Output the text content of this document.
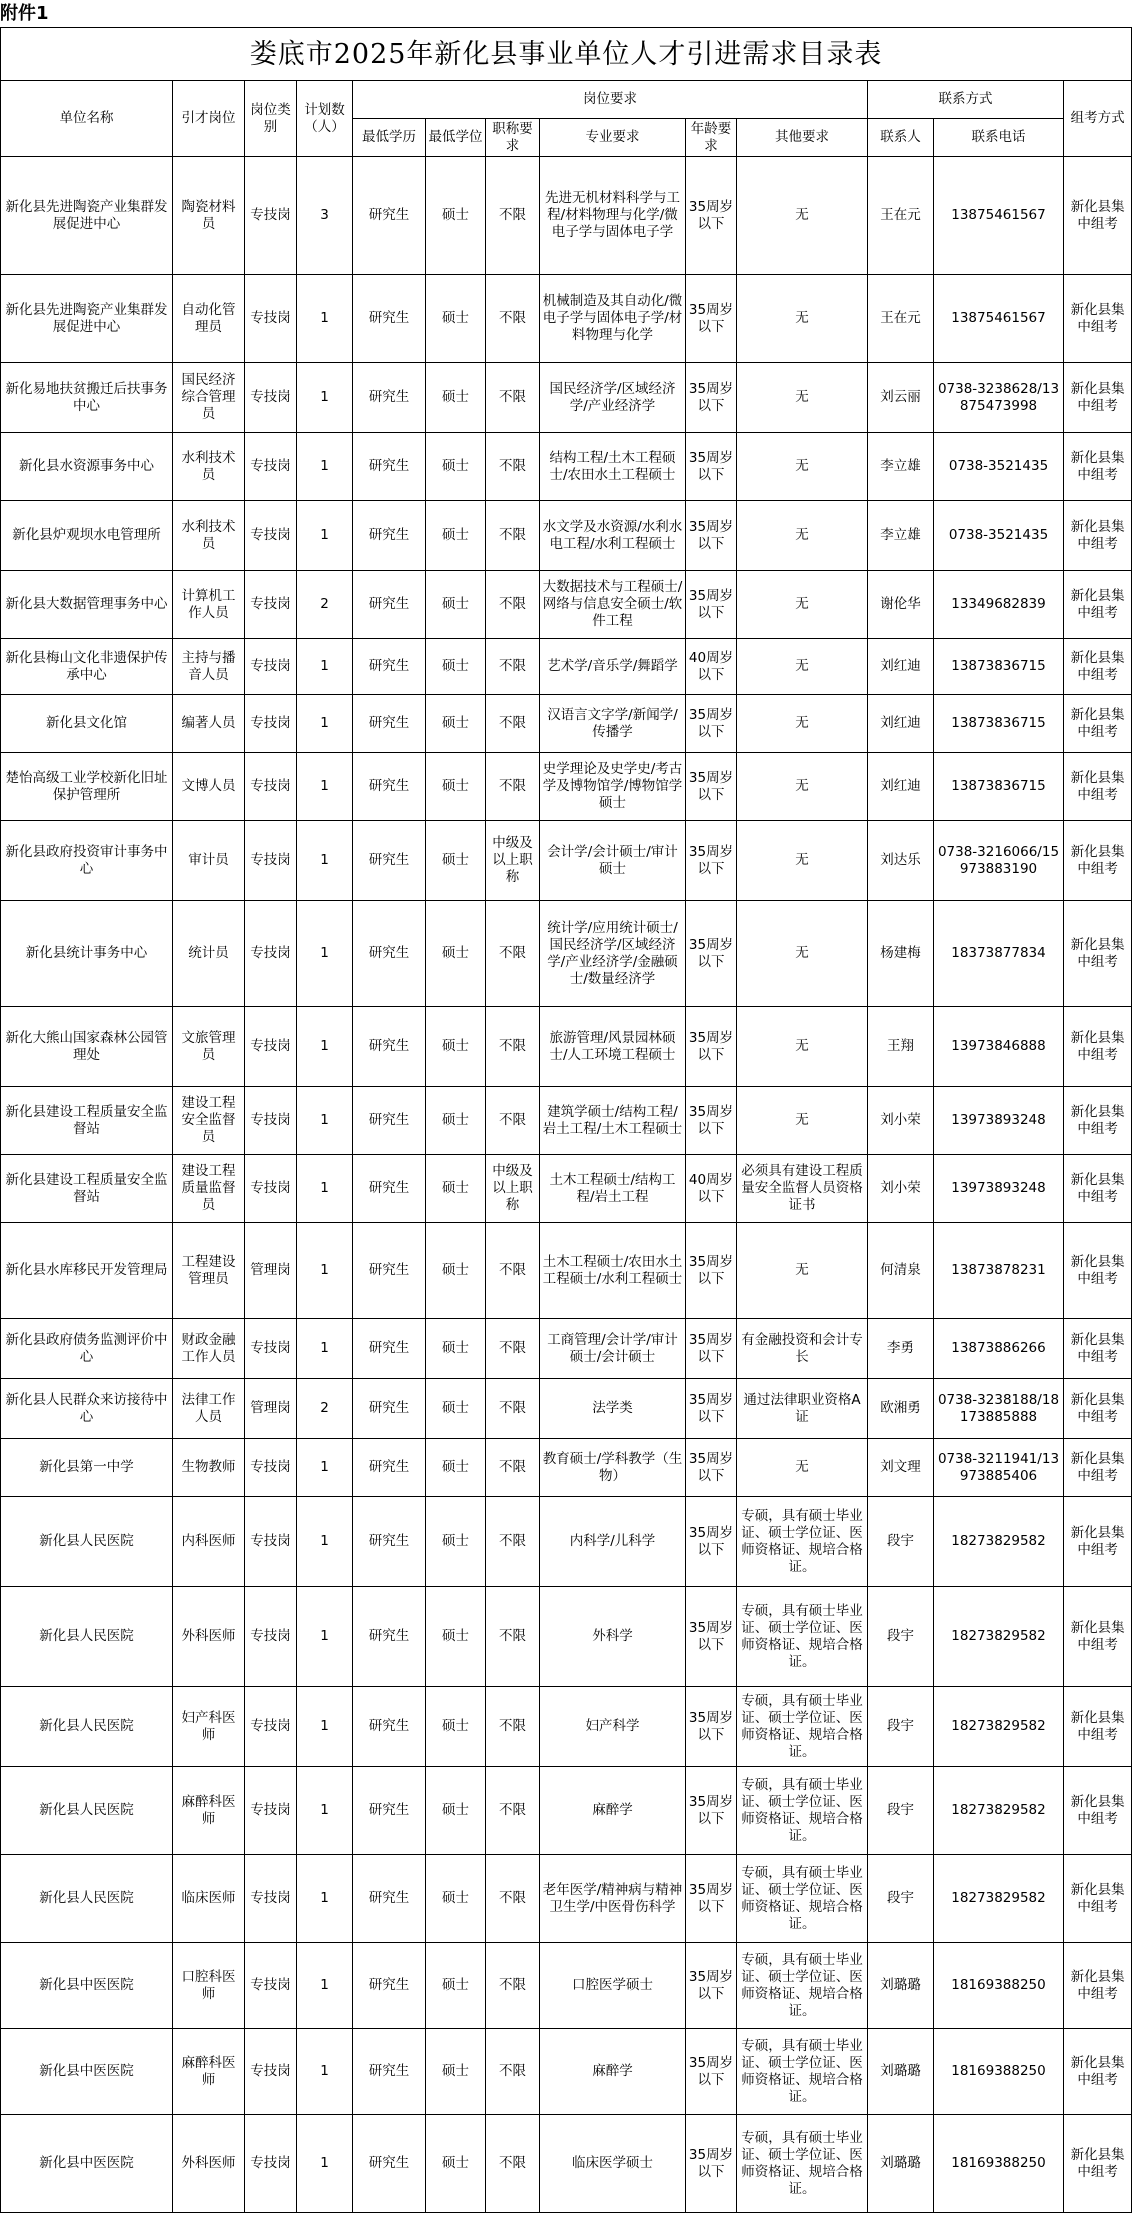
附件1
娄底市2025年新化县事业单位人才引进需求目录表												
单位名称	引才岗位	岗位类别	计划数（人）	岗位要求						联系方式		组考方式
				最低学历	最低学位	职称要求	专业要求	年龄要求	其他要求	联系人	联系电话	
新化县先进陶瓷产业集群发展促进中心	陶瓷材料员	专技岗	3	研究生	硕士	不限	先进无机材料科学与工程/材料物理与化学/微电子学与固体电子学	35周岁以下	无	王在元	13875461567	新化县集中组考
新化县先进陶瓷产业集群发展促进中心	自动化管理员	专技岗	1	研究生	硕士	不限	机械制造及其自动化/微电子学与固体电子学/材料物理与化学	35周岁以下	无	王在元	13875461567	新化县集中组考
新化易地扶贫搬迁后扶事务中心	国民经济综合管理员	专技岗	1	研究生	硕士	不限	国民经济学/区域经济学/产业经济学	35周岁以下	无	刘云丽	0738-3238628/13875473998	新化县集中组考
新化县水资源事务中心	水利技术员	专技岗	1	研究生	硕士	不限	结构工程/土木工程硕士/农田水土工程硕士	35周岁以下	无	李立雄	0738-3521435	新化县集中组考
新化县炉观坝水电管理所	水利技术员	专技岗	1	研究生	硕士	不限	水文学及水资源/水利水电工程/水利工程硕士	35周岁以下	无	李立雄	0738-3521435	新化县集中组考
新化县大数据管理事务中心	计算机工作人员	专技岗	2	研究生	硕士	不限	大数据技术与工程硕士/网络与信息安全硕士/软件工程	35周岁以下	无	谢伦华	13349682839	新化县集中组考
新化县梅山文化非遗保护传承中心	主持与播音人员	专技岗	1	研究生	硕士	不限	艺术学/音乐学/舞蹈学	40周岁以下	无	刘红迪	13873836715	新化县集中组考
新化县文化馆	编著人员	专技岗	1	研究生	硕士	不限	汉语言文字学/新闻学/传播学	35周岁以下	无	刘红迪	13873836715	新化县集中组考
楚怡高级工业学校新化旧址保护管理所	文博人员	专技岗	1	研究生	硕士	不限	史学理论及史学史/考古学及博物馆学/博物馆学硕士	35周岁以下	无	刘红迪	13873836715	新化县集中组考
新化县政府投资审计事务中心	审计员	专技岗	1	研究生	硕士	中级及以上职称	会计学/会计硕士/审计硕士	35周岁以下	无	刘达乐	0738-3216066/15973883190	新化县集中组考
新化县统计事务中心	统计员	专技岗	1	研究生	硕士	不限	统计学/应用统计硕士/国民经济学/区域经济学/产业经济学/金融硕士/数量经济学	35周岁以下	无	杨建梅	18373877834	新化县集中组考
新化大熊山国家森林公园管理处	文旅管理员	专技岗	1	研究生	硕士	不限	旅游管理/风景园林硕士/人工环境工程硕士	35周岁以下	无	王翔	13973846888	新化县集中组考
新化县建设工程质量安全监督站	建设工程安全监督员	专技岗	1	研究生	硕士	不限	建筑学硕士/结构工程/岩土工程/土木工程硕士	35周岁以下	无	刘小荣	13973893248	新化县集中组考
新化县建设工程质量安全监督站	建设工程质量监督员	专技岗	1	研究生	硕士	中级及以上职称	土木工程硕士/结构工程/岩土工程	40周岁以下	必须具有建设工程质量安全监督人员资格证书	刘小荣	13973893248	新化县集中组考
新化县水库移民开发管理局	工程建设管理员	管理岗	1	研究生	硕士	不限	土木工程硕士/农田水土工程硕士/水利工程硕士	35周岁以下	无	何清泉	13873878231	新化县集中组考
新化县政府债务监测评价中心	财政金融工作人员	专技岗	1	研究生	硕士	不限	工商管理/会计学/审计硕士/会计硕士	35周岁以下	有金融投资和会计专长	李勇	13873886266	新化县集中组考
新化县人民群众来访接待中心	法律工作人员	管理岗	2	研究生	硕士	不限	法学类	35周岁以下	通过法律职业资格A证	欧湘勇	0738-3238188/18173885888	新化县集中组考
新化县第一中学	生物教师	专技岗	1	研究生	硕士	不限	教育硕士/学科教学（生物）	35周岁以下	无	刘文理	0738-3211941/13973885406	新化县集中组考
新化县人民医院	内科医师	专技岗	1	研究生	硕士	不限	内科学/儿科学	35周岁以下	专硕，具有硕士毕业证、硕士学位证、医师资格证、规培合格证。	段宇	18273829582	新化县集中组考
新化县人民医院	外科医师	专技岗	1	研究生	硕士	不限	外科学	35周岁以下	专硕，具有硕士毕业证、硕士学位证、医师资格证、规培合格证。	段宇	18273829582	新化县集中组考
新化县人民医院	妇产科医师	专技岗	1	研究生	硕士	不限	妇产科学	35周岁以下	专硕，具有硕士毕业证、硕士学位证、医师资格证、规培合格证。	段宇	18273829582	新化县集中组考
新化县人民医院	麻醉科医师	专技岗	1	研究生	硕士	不限	麻醉学	35周岁以下	专硕，具有硕士毕业证、硕士学位证、医师资格证、规培合格证。	段宇	18273829582	新化县集中组考
新化县人民医院	临床医师	专技岗	1	研究生	硕士	不限	老年医学/精神病与精神卫生学/中医骨伤科学	35周岁以下	专硕，具有硕士毕业证、硕士学位证、医师资格证、规培合格证。	段宇	18273829582	新化县集中组考
新化县中医医院	口腔科医师	专技岗	1	研究生	硕士	不限	口腔医学硕士	35周岁以下	专硕，具有硕士毕业证、硕士学位证、医师资格证、规培合格证。	刘璐璐	18169388250	新化县集中组考
新化县中医医院	麻醉科医师	专技岗	1	研究生	硕士	不限	麻醉学	35周岁以下	专硕，具有硕士毕业证、硕士学位证、医师资格证、规培合格证。	刘璐璐	18169388250	新化县集中组考
新化县中医医院	外科医师	专技岗	1	研究生	硕士	不限	临床医学硕士	35周岁以下	专硕，具有硕士毕业证、硕士学位证、医师资格证、规培合格证。	刘璐璐	18169388250	新化县集中组考
